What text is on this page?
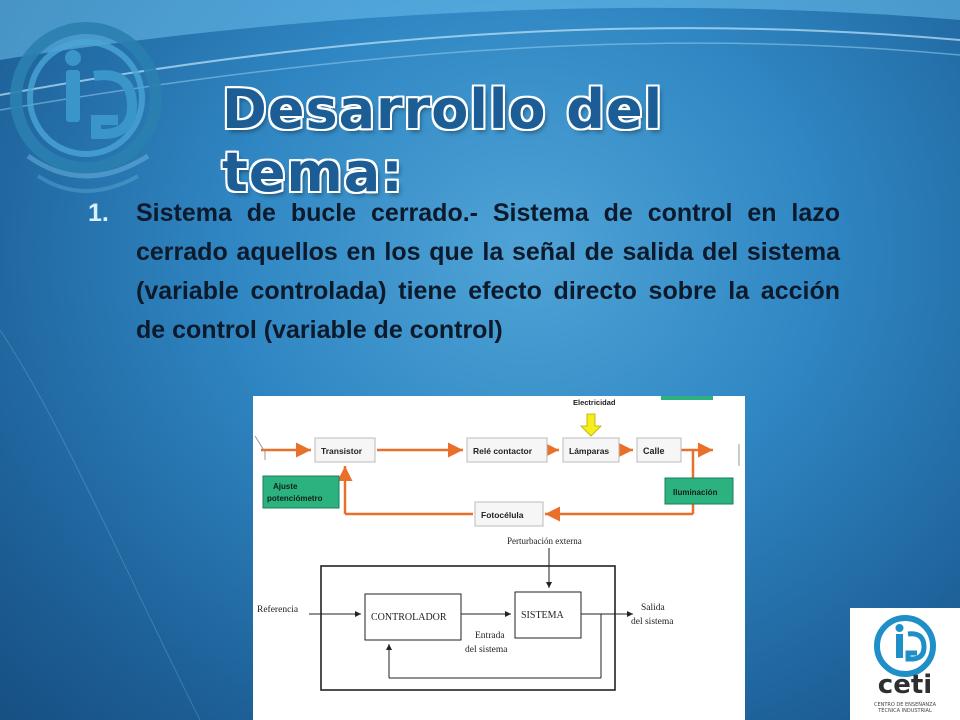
Desarrollo del tema:
1.	Sistema de bucle cerrado.- Sistema de control en lazo cerrado aquellos en los que la señal de salida del sistema (variable controlada) tiene efecto directo sobre la acción de control (variable de control)
Electricidad
Transistor	Relé contactor	Lámparas	Calle
Ajuste
potenciómetro
Iluminación
Fotocélula
Perturbación externa
Referencia
CONTROLADOR	SISTEMA
Salida
del sistema
Entrada
del sistema
ceti
CENTRO DE ENSEÑANZA
TÉCNICA INDUSTRIAL
